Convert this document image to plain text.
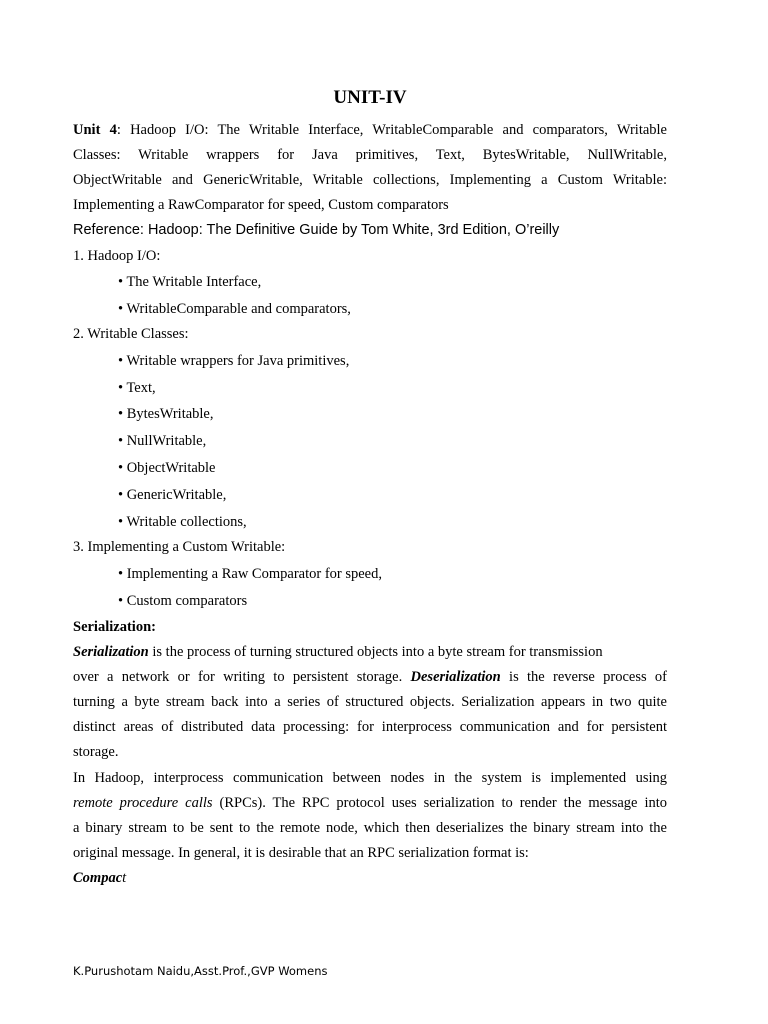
UNIT-IV
Unit 4: Hadoop I/O: The Writable Interface, WritableComparable and comparators, Writable
Classes: Writable wrappers for Java primitives, Text, BytesWritable, NullWritable,
ObjectWritable and GenericWritable, Writable collections, Implementing a Custom Writable:
Implementing a RawComparator for speed, Custom comparators
Reference: Hadoop: The Definitive Guide by Tom White, 3rd Edition, O’reilly
1. Hadoop I/O:
• The Writable Interface,
• WritableComparable and comparators,
2. Writable Classes:
• Writable wrappers for Java primitives,
• Text,
• BytesWritable,
• NullWritable,
• ObjectWritable
• GenericWritable,
• Writable collections,
3. Implementing a Custom Writable:
• Implementing a Raw Comparator for speed,
• Custom comparators
Serialization:
Serialization is the process of turning structured objects into a byte stream for transmission
over a network or for writing to persistent storage. Deserialization is the reverse process of
turning a byte stream back into a series of structured objects. Serialization appears in two quite
distinct areas of distributed data processing: for interprocess communication and for persistent
storage.
In Hadoop, interprocess communication between nodes in the system is implemented using
remote procedure calls (RPCs). The RPC protocol uses serialization to render the message into
a binary stream to be sent to the remote node, which then deserializes the binary stream into the
original message. In general, it is desirable that an RPC serialization format is:
Compact
K.Purushotam Naidu,Asst.Prof.,GVP Womens
